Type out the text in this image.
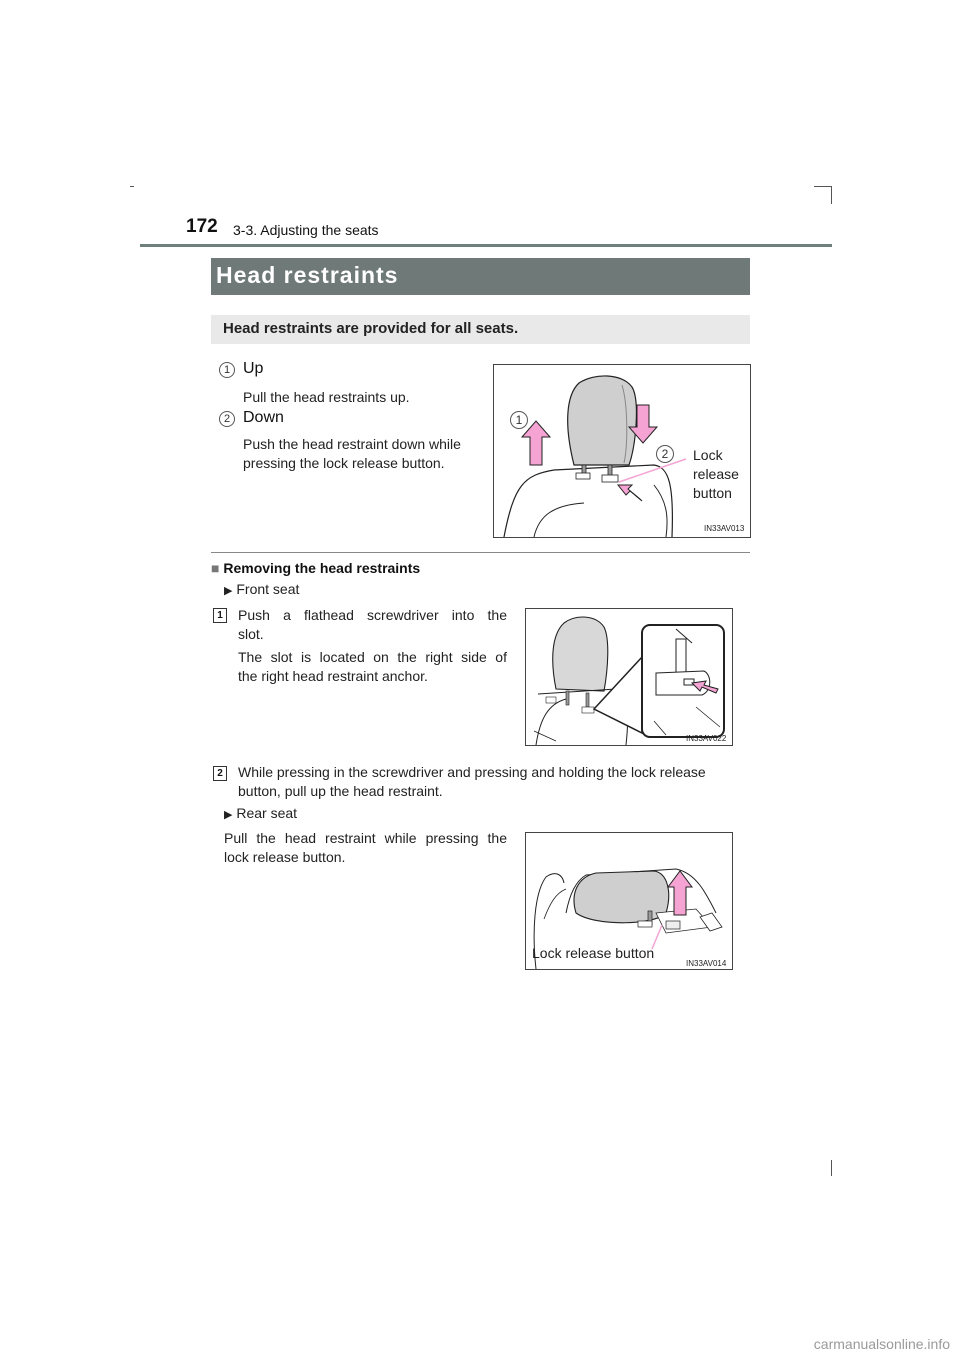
172 3-3. Adjusting the seats
Head restraints
Head restraints are provided for all seats.
1 Up
Pull the head restraints up.
2 Down
Push the head restraint down while
pressing the lock release button.
1
2	Lock
release
button
IN33AV013
■ Removing the head restraints
▶ Front seat
1	Push a flathead screwdriver into the
slot.
The slot is located on the right side of
the right head restraint anchor.
IN33AV022
2	While pressing in the screwdriver and pressing and holding the lock release
button, pull up the head restraint.
▶ Rear seat
Pull the head restraint while pressing the
lock release button.
Lock release button
IN33AV014
carmanualsonline.info
